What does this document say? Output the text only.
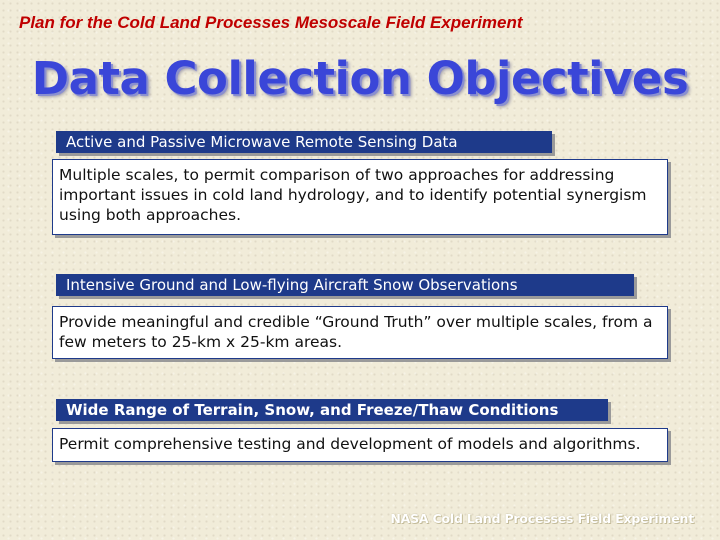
Plan for the Cold Land Processes Mesoscale Field Experiment
Data Collection Objectives
Active and Passive Microwave Remote Sensing Data
Multiple scales, to permit comparison of two approaches for addressing important issues in cold land hydrology, and to identify potential synergism using both approaches.
Intensive Ground and Low-flying Aircraft Snow Observations
Provide meaningful and credible “Ground Truth” over multiple scales, from a few meters to 25-km x 25-km areas.
Wide Range of Terrain, Snow, and Freeze/Thaw Conditions
Permit comprehensive testing and development of models and algorithms.
NASA Cold Land Processes Field Experiment
